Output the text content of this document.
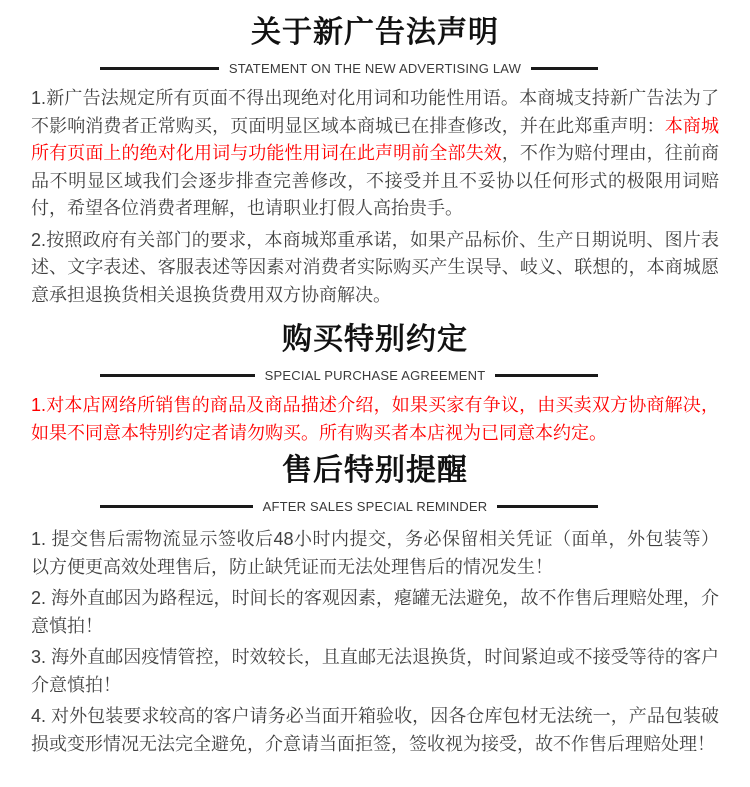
关于新广告法声明
STATEMENT ON THE NEW ADVERTISING LAW
1.新广告法规定所有页面不得出现绝对化用词和功能性用语。本商城支持新广告法为了不影响消费者正常购买，页面明显区域本商城已在排查修改，并在此郑重声明：本商城所有页面上的绝对化用词与功能性用词在此声明前全部失效，不作为赔付理由，往前商品不明显区域我们会逐步排查完善修改，不接受并且不妥协以任何形式的极限用词赔付，希望各位消费者理解，也请职业打假人高抬贵手。
2.按照政府有关部门的要求，本商城郑重承诺，如果产品标价、生产日期说明、图片表述、文字表述、客服表述等因素对消费者实际购买产生误导、岐义、联想的，本商城愿意承担退换货相关退换货费用双方协商解决。
购买特别约定
SPECIAL PURCHASE AGREEMENT
1.对本店网络所销售的商品及商品描述介绍，如果买家有争议，由买卖双方协商解决，如果不同意本特别约定者请勿购买。所有购买者本店视为已同意本约定。
售后特别提醒
AFTER SALES SPECIAL REMINDER
1. 提交售后需物流显示签收后48小时内提交，务必保留相关凭证（面单，外包装等）以方便更高效处理售后，防止缺凭证而无法处理售后的情况发生！
2. 海外直邮因为路程远，时间长的客观因素，瘪罐无法避免，故不作售后理赔处理，介意慎拍！
3. 海外直邮因疫情管控，时效较长，且直邮无法退换货，时间紧迫或不接受等待的客户介意慎拍！
4. 对外包装要求较高的客户请务必当面开箱验收，因各仓库包材无法统一，产品包装破损或变形情况无法完全避免，介意请当面拒签，签收视为接受，故不作售后理赔处理！
